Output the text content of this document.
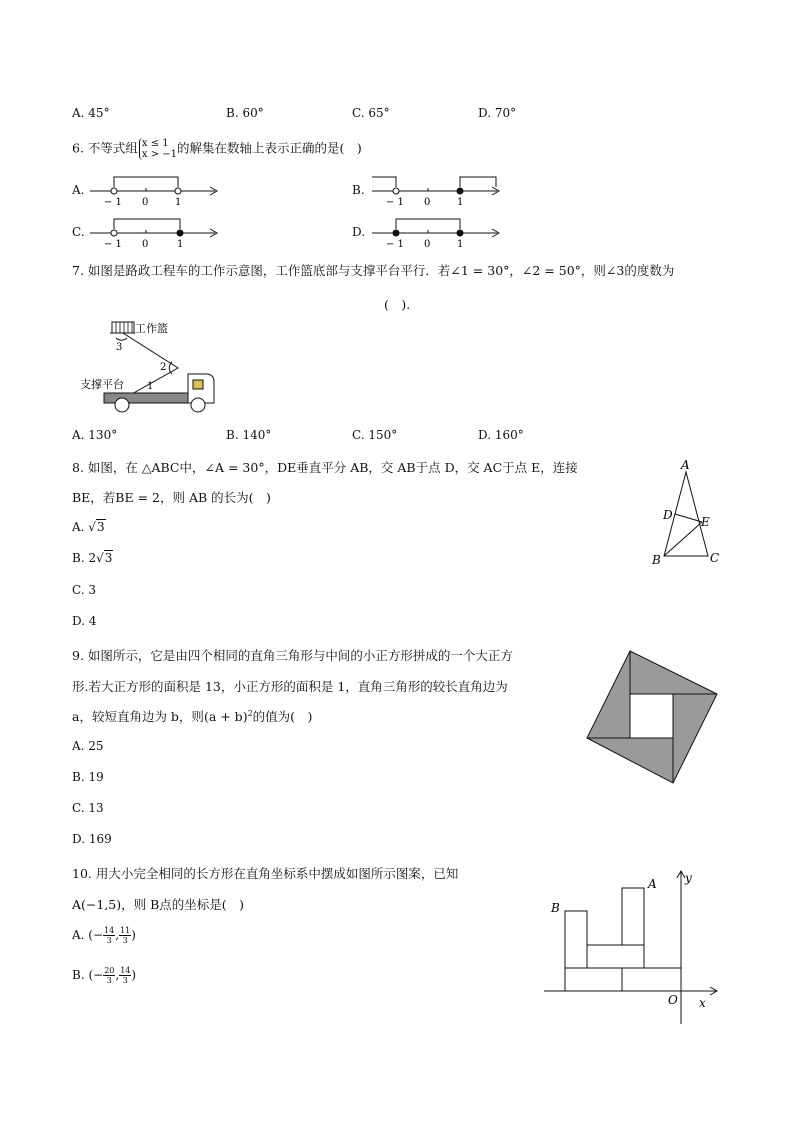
A. 45°	B. 60°	C. 65°	D. 70°
6. 不等式组 x ≤ 1
x > −1 的解集在数轴上表示正确的是(　)
A.	B.
C.	D.
− 1 0	1	− 1 0	1
− 1 0	1	− 1 0	1
7. 如图是路政工程车的工作示意图，工作篮底部与支撑平台平行．若∠1 = 30°，∠2 = 50°，则∠3的度数为
(　).
工作篮
3
2
1
支撑平台
A. 130°	B. 140°	C. 150°	D. 160°
8. 如图，在 △ABC中，∠A = 30°，DE垂直平分 AB，交 AB于点 D，交 AC于点 E，连接
BE，若BE = 2，则 AB 的长为(　)
A. √3
B. 2√3
C. 3
D. 4
A
D E
B	C
9. 如图所示，它是由四个相同的直角三角形与中间的小正方形拼成的一个大正方
形.若大正方形的面积是 13，小正方形的面积是 1，直角三角形的较长直角边为
a，较短直角边为 b，则$(a + b)^2$的值为(　)
A. 25
B. 19
C. 13
D. 169
10. 用大小完全相同的长方形在直角坐标系中摆成如图所示图案，已知
A(−1,5)，则 B点的坐标是(　)
A. (− $\frac{14}{3}$ , $\frac{11}{3}$ )
B. (− $\frac{20}{3}$ , $\frac{14}{3}$ )
A
B
O x
y
